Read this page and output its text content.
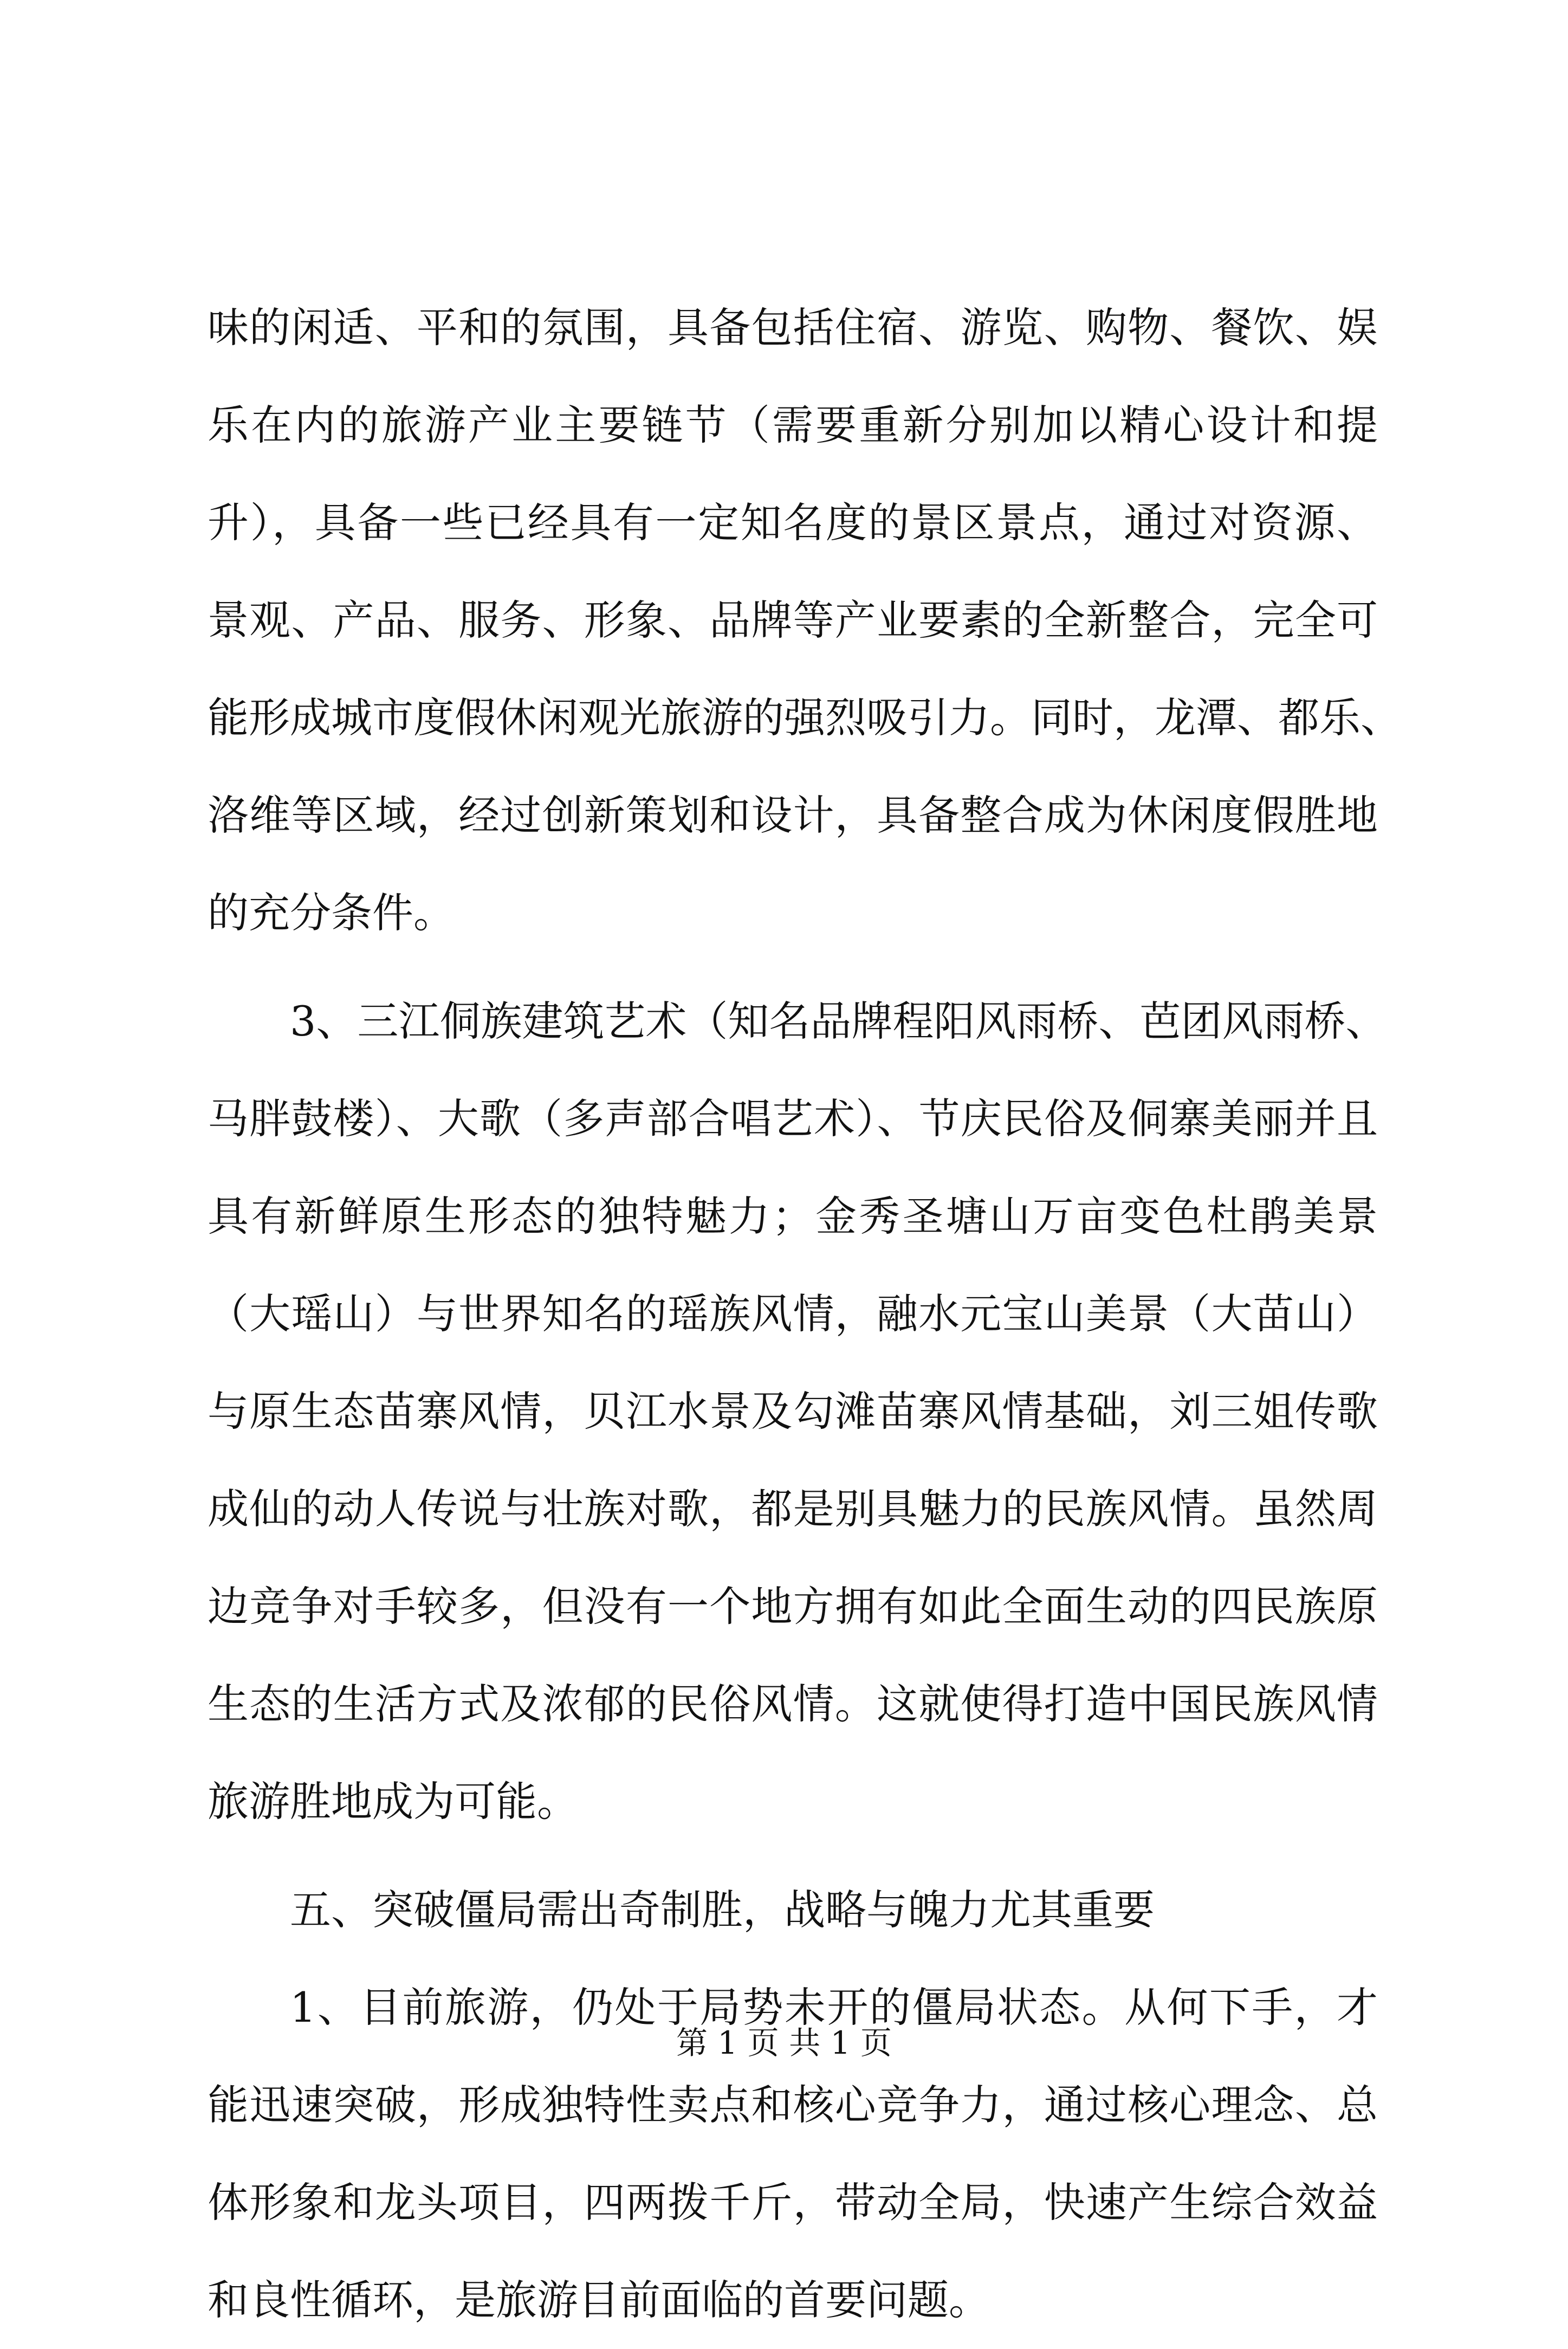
味的闲适、平和的氛围，具备包括住宿、游览、购物、餐饮、娱
乐在内的旅游产业主要链节（需要重新分别加以精心设计和提
升），具备一些已经具有一定知名度的景区景点，通过对资源、
景观、产品、服务、形象、品牌等产业要素的全新整合，完全可
能形成城市度假休闲观光旅游的强烈吸引力。同时，龙潭、都乐、
洛维等区域，经过创新策划和设计，具备整合成为休闲度假胜地
的充分条件。
3、三江侗族建筑艺术（知名品牌程阳风雨桥、芭团风雨桥、
马胖鼓楼）、大歌（多声部合唱艺术）、节庆民俗及侗寨美丽并且
具有新鲜原生形态的独特魅力；金秀圣塘山万亩变色杜鹃美景
（大瑶山）与世界知名的瑶族风情，融水元宝山美景（大苗山）
与原生态苗寨风情，贝江水景及勾滩苗寨风情基础，刘三姐传歌
成仙的动人传说与壮族对歌，都是别具魅力的民族风情。虽然周
边竞争对手较多，但没有一个地方拥有如此全面生动的四民族原
生态的生活方式及浓郁的民俗风情。这就使得打造中国民族风情
旅游胜地成为可能。
五、突破僵局需出奇制胜，战略与魄力尤其重要
1、目前旅游，仍处于局势未开的僵局状态。从何下手，才
能迅速突破，形成独特性卖点和核心竞争力，通过核心理念、总
体形象和龙头项目，四两拨千斤，带动全局，快速产生综合效益
和良性循环，是旅游目前面临的首要问题。
第 1 页 共 1 页
